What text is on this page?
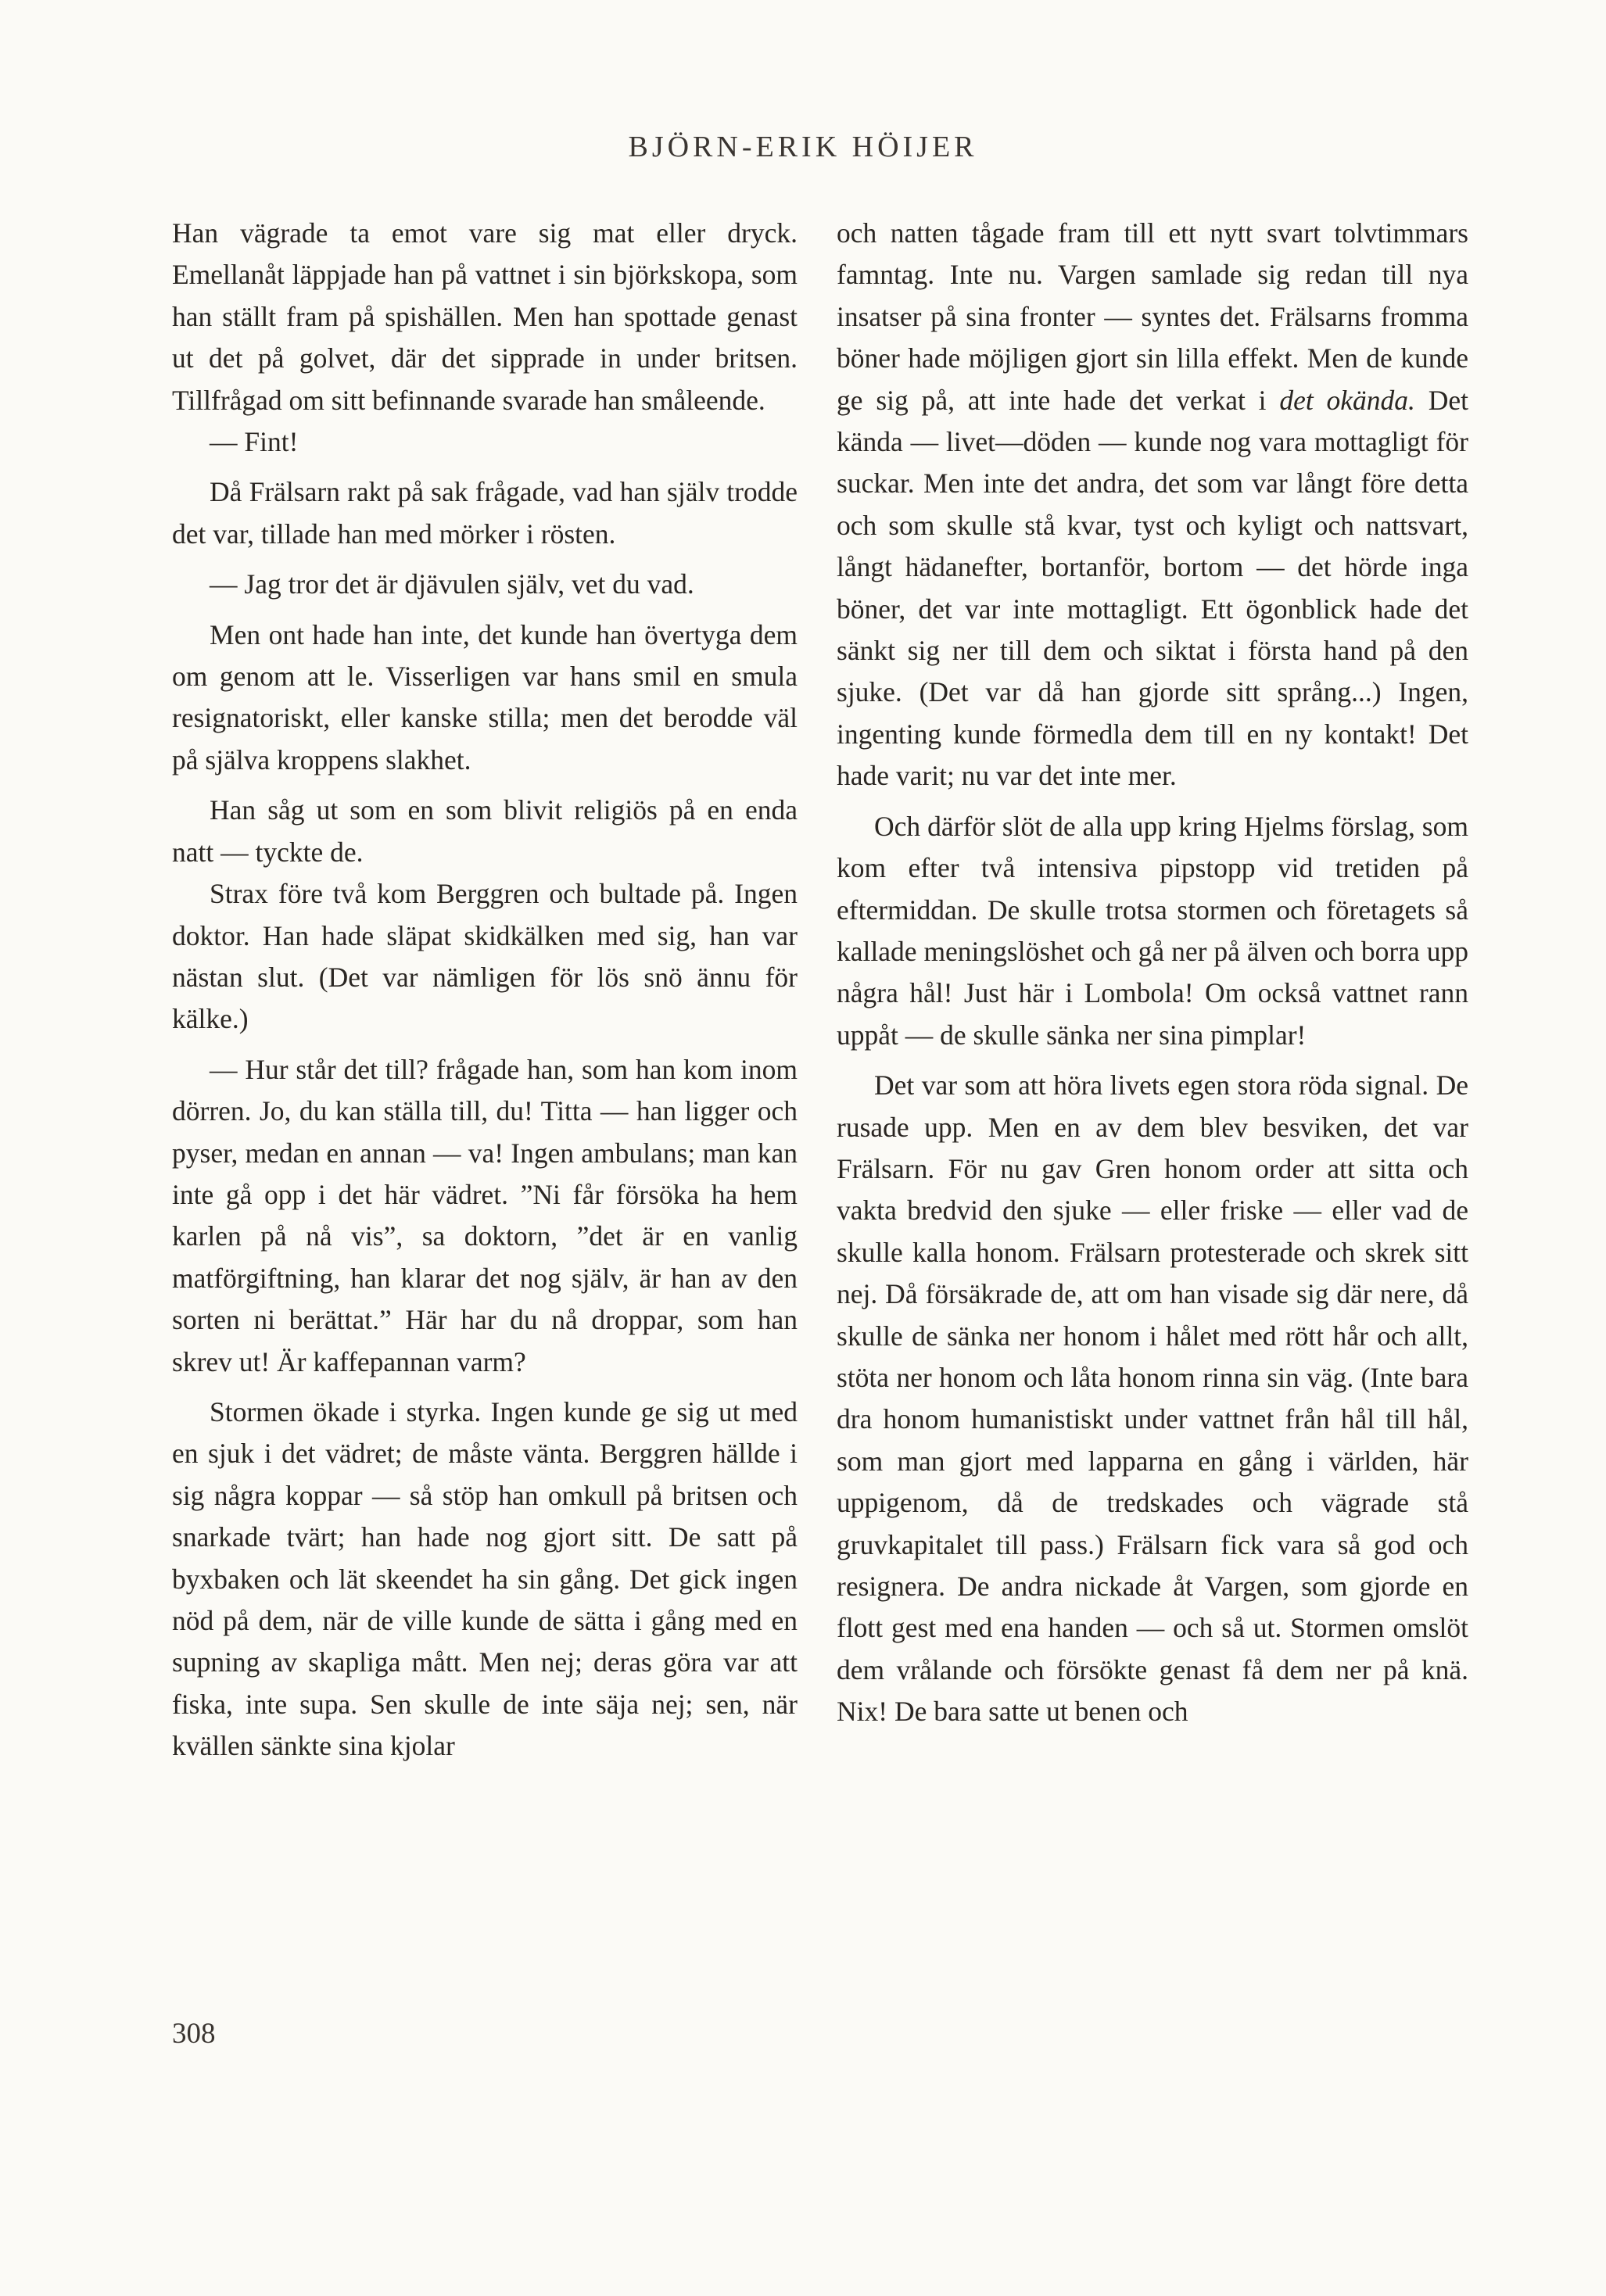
BJÖRN-ERIK HÖIJER

Han vägrade ta emot vare sig mat eller dryck. Emellanåt läppjade han på vattnet i sin björkskopa, som han ställt fram på spishällen. Men han spottade genast ut det på golvet, där det sipprade in under britsen. Tillfrågad om sitt befinnande svarade han småleende.

— Fint!

Då Frälsarn rakt på sak frågade, vad han själv trodde det var, tillade han med mörker i rösten.

— Jag tror det är djävulen själv, vet du vad.

Men ont hade han inte, det kunde han övertyga dem om genom att le. Visserligen var hans smil en smula resignatoriskt, eller kanske stilla; men det berodde väl på själva kroppens slakhet.

Han såg ut som en som blivit religiös på en enda natt — tyckte de.

Strax före två kom Berggren och bultade på. Ingen doktor. Han hade släpat skidkälken med sig, han var nästan slut. (Det var nämligen för lös snö ännu för kälke.)

— Hur står det till? frågade han, som han kom inom dörren. Jo, du kan ställa till, du! Titta — han ligger och pyser, medan en annan — va! Ingen ambulans; man kan inte gå opp i det här vädret. ”Ni får försöka ha hem karlen på nå vis”, sa doktorn, ”det är en vanlig matförgiftning, han klarar det nog själv, är han av den sorten ni berättat.” Här har du nå droppar, som han skrev ut! Är kaffepannan varm?

Stormen ökade i styrka. Ingen kunde ge sig ut med en sjuk i det vädret; de måste vänta. Berggren hällde i sig några koppar — så stöp han omkull på britsen och snarkade tvärt; han hade nog gjort sitt. De satt på byxbaken och lät skeendet ha sin gång. Det gick ingen nöd på dem, när de ville kunde de sätta i gång med en supning av skapliga mått. Men nej; deras göra var att fiska, inte supa. Sen skulle de inte säja nej; sen, när kvällen sänkte sina kjolar

och natten tågade fram till ett nytt svart tolvtimmars famntag. Inte nu. Vargen samlade sig redan till nya insatser på sina fronter — syntes det. Frälsarns fromma böner hade möjligen gjort sin lilla effekt. Men de kunde ge sig på, att inte hade det verkat i det okända. Det kända — livet—döden — kunde nog vara mottagligt för suckar. Men inte det andra, det som var långt före detta och som skulle stå kvar, tyst och kyligt och nattsvart, långt hädanefter, bortanför, bortom — det hörde inga böner, det var inte mottagligt. Ett ögonblick hade det sänkt sig ner till dem och siktat i första hand på den sjuke. (Det var då han gjorde sitt språng...) Ingen, ingenting kunde förmedla dem till en ny kontakt! Det hade varit; nu var det inte mer.

Och därför slöt de alla upp kring Hjelms förslag, som kom efter två intensiva pipstopp vid tretiden på eftermiddan. De skulle trotsa stormen och företagets så kallade meningslöshet och gå ner på älven och borra upp några hål! Just här i Lombola! Om också vattnet rann uppåt — de skulle sänka ner sina pimplar!

Det var som att höra livets egen stora röda signal. De rusade upp. Men en av dem blev besviken, det var Frälsarn. För nu gav Gren honom order att sitta och vakta bredvid den sjuke — eller friske — eller vad de skulle kalla honom. Frälsarn protesterade och skrek sitt nej. Då försäkrade de, att om han visade sig där nere, då skulle de sänka ner honom i hålet med rött hår och allt, stöta ner honom och låta honom rinna sin väg. (Inte bara dra honom humanistiskt under vattnet från hål till hål, som man gjort med lapparna en gång i världen, här uppigenom, då de tredskades och vägrade stå gruvkapitalet till pass.) Frälsarn fick vara så god och resignera. De andra nickade åt Vargen, som gjorde en flott gest med ena handen — och så ut. Stormen omslöt dem vrålande och försökte genast få dem ner på knä. Nix! De bara satte ut benen och

308
